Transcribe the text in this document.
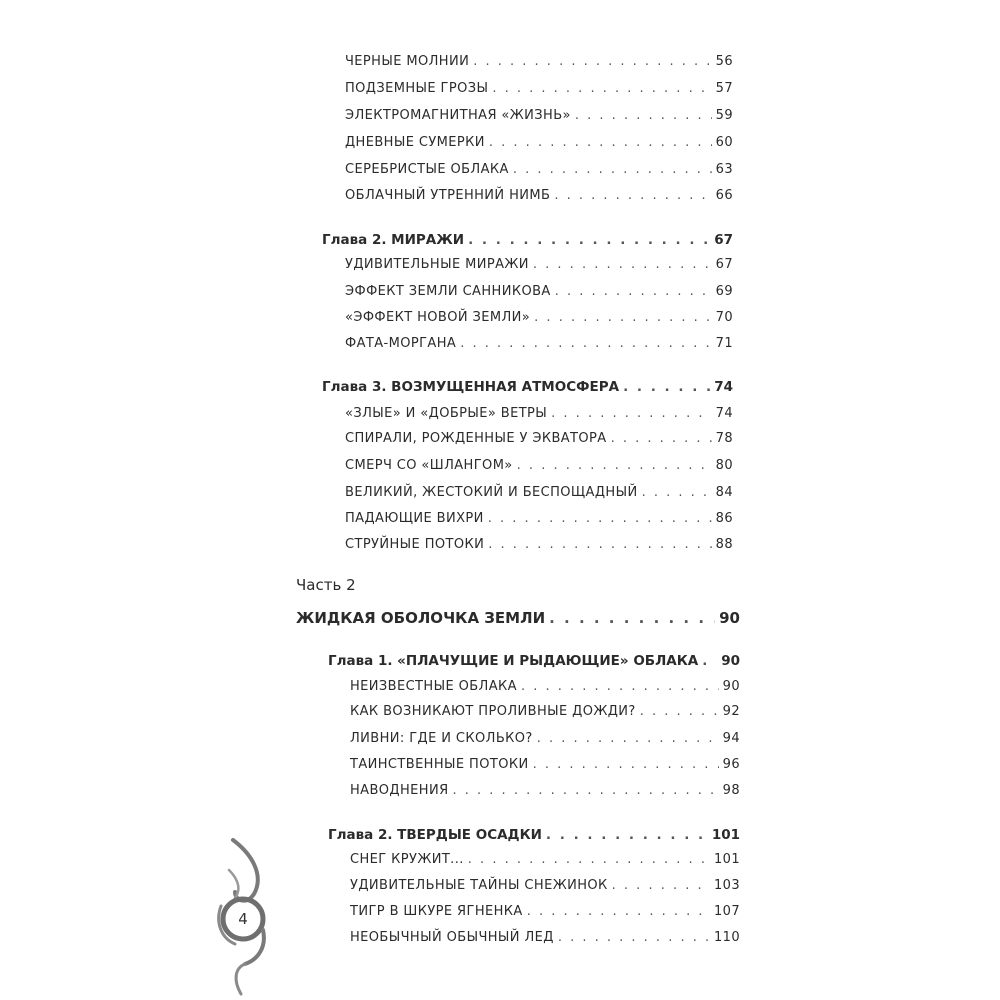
ЧЕРНЫЕ МОЛНИИ . . .	56
ПОДЗЕМНЫЕ ГРОЗЫ . . .	57
ЭЛЕКТРОМАГНИТНАЯ «ЖИЗНЬ» . . .	59
ДНЕВНЫЕ СУМЕРКИ . . .	60
СЕРЕБРИСТЫЕ ОБЛАКА . . .	63
ОБЛАЧНЫЙ УТРЕННИЙ НИМБ . . .	66
Глава 2. МИРАЖИ . . .	67
УДИВИТЕЛЬНЫЕ МИРАЖИ . . .	67
ЭФФЕКТ ЗЕМЛИ САННИКОВА . . .	69
«ЭФФЕКТ НОВОЙ ЗЕМЛИ» . . .	70
ФАТА-МОРГАНА . . .	71
Глава 3. ВОЗМУЩЕННАЯ АТМОСФЕРА . . .	74
«ЗЛЫЕ» И «ДОБРЫЕ» ВЕТРЫ . . .	74
СПИРАЛИ, РОЖДЕННЫЕ У ЭКВАТОРА . . .	78
СМЕРЧ СО «ШЛАНГОМ» . . .	80
ВЕЛИКИЙ, ЖЕСТОКИЙ И БЕСПОЩАДНЫЙ . . .	84
ПАДАЮЩИЕ ВИХРИ . . .	86
СТРУЙНЫЕ ПОТОКИ . . .	88
Часть 2
ЖИДКАЯ ОБОЛОЧКА ЗЕМЛИ . . .	90
Глава 1. «ПЛАЧУЩИЕ И РЫДАЮЩИЕ» ОБЛАКА . . . 90
НЕИЗВЕСТНЫЕ ОБЛАКА . . .	90
КАК ВОЗНИКАЮТ ПРОЛИВНЫЕ ДОЖДИ? . . .	92
ЛИВНИ: ГДЕ И СКОЛЬКО? . . .	94
ТАИНСТВЕННЫЕ ПОТОКИ . . .	96
НАВОДНЕНИЯ . . .	98
Глава 2. ТВЕРДЫЕ ОСАДКИ . . .	101
СНЕГ КРУЖИТ... . . .	101
УДИВИТЕЛЬНЫЕ ТАЙНЫ СНЕЖИНОК . . .	103
ТИГР В ШКУРЕ ЯГНЕНКА . . .	107
НЕОБЫЧНЫЙ ОБЫЧНЫЙ ЛЕД . . .	110
4
